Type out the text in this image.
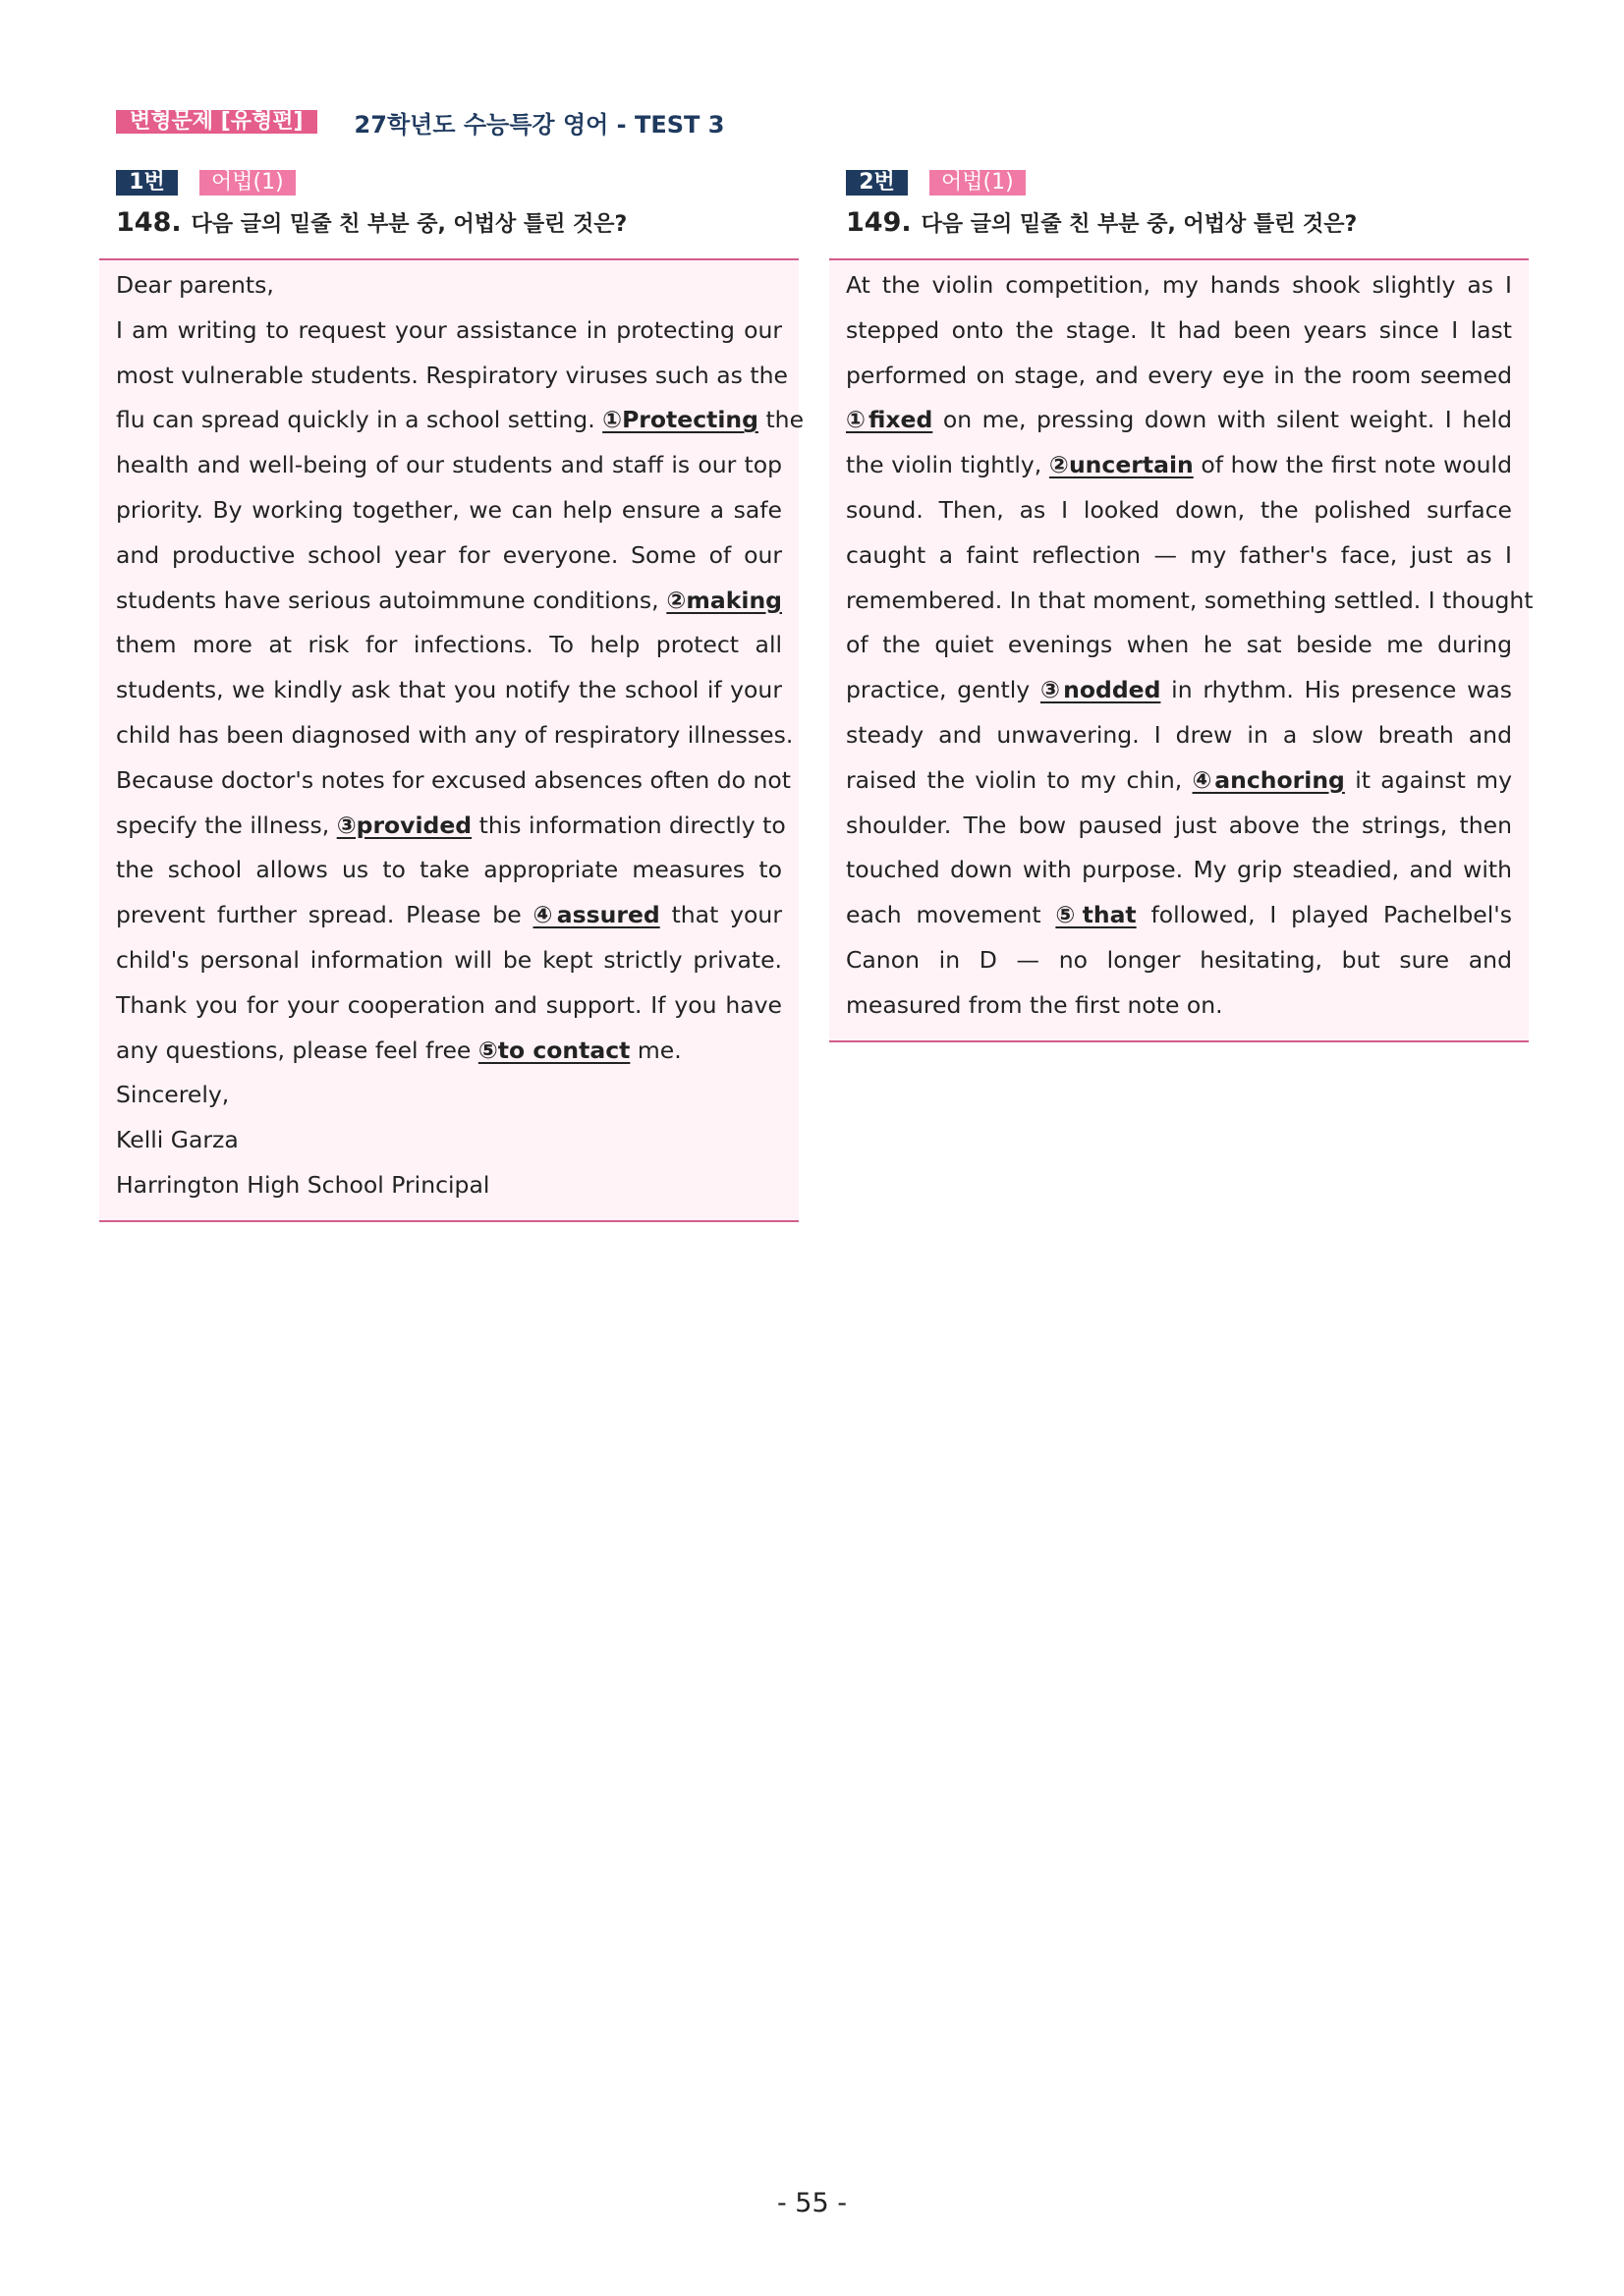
변형문제 [유형편]	27학년도 수능특강 영어 - TEST 3
1번	어법(1)
148. 다음 글의 밑줄 친 부분 중, 어법상 틀린 것은?
Dear parents,
I am writing to request your assistance in protecting our
most vulnerable students. Respiratory viruses such as the
flu can spread quickly in a school setting. ①Protecting the
health and well-being of our students and staff is our top
priority. By working together, we can help ensure a safe
and productive school year for everyone. Some of our
students have serious autoimmune conditions, ②making
them more at risk for infections. To help protect all
students, we kindly ask that you notify the school if your
child has been diagnosed with any of respiratory illnesses.
Because doctor's notes for excused absences often do not
specify the illness, ③provided this information directly to
the school allows us to take appropriate measures to
prevent further spread. Please be ④assured that your
child's personal information will be kept strictly private.
Thank you for your cooperation and support. If you have
any questions, please feel free ⑤to contact me.
Sincerely,
Kelli Garza
Harrington High School Principal
2번	어법(1)
149. 다음 글의 밑줄 친 부분 중, 어법상 틀린 것은?
At the violin competition, my hands shook slightly as I
stepped onto the stage. It had been years since I last
performed on stage, and every eye in the room seemed
①fixed on me, pressing down with silent weight. I held
the violin tightly, ②uncertain of how the first note would
sound. Then, as I looked down, the polished surface
caught a faint reflection — my father's face, just as I
remembered. In that moment, something settled. I thought
of the quiet evenings when he sat beside me during
practice, gently ③nodded in rhythm. His presence was
steady and unwavering. I drew in a slow breath and
raised the violin to my chin, ④anchoring it against my
shoulder. The bow paused just above the strings, then
touched down with purpose. My grip steadied, and with
each movement ⑤that followed, I played Pachelbel's
Canon in D — no longer hesitating, but sure and
measured from the first note on.
- 55 -
